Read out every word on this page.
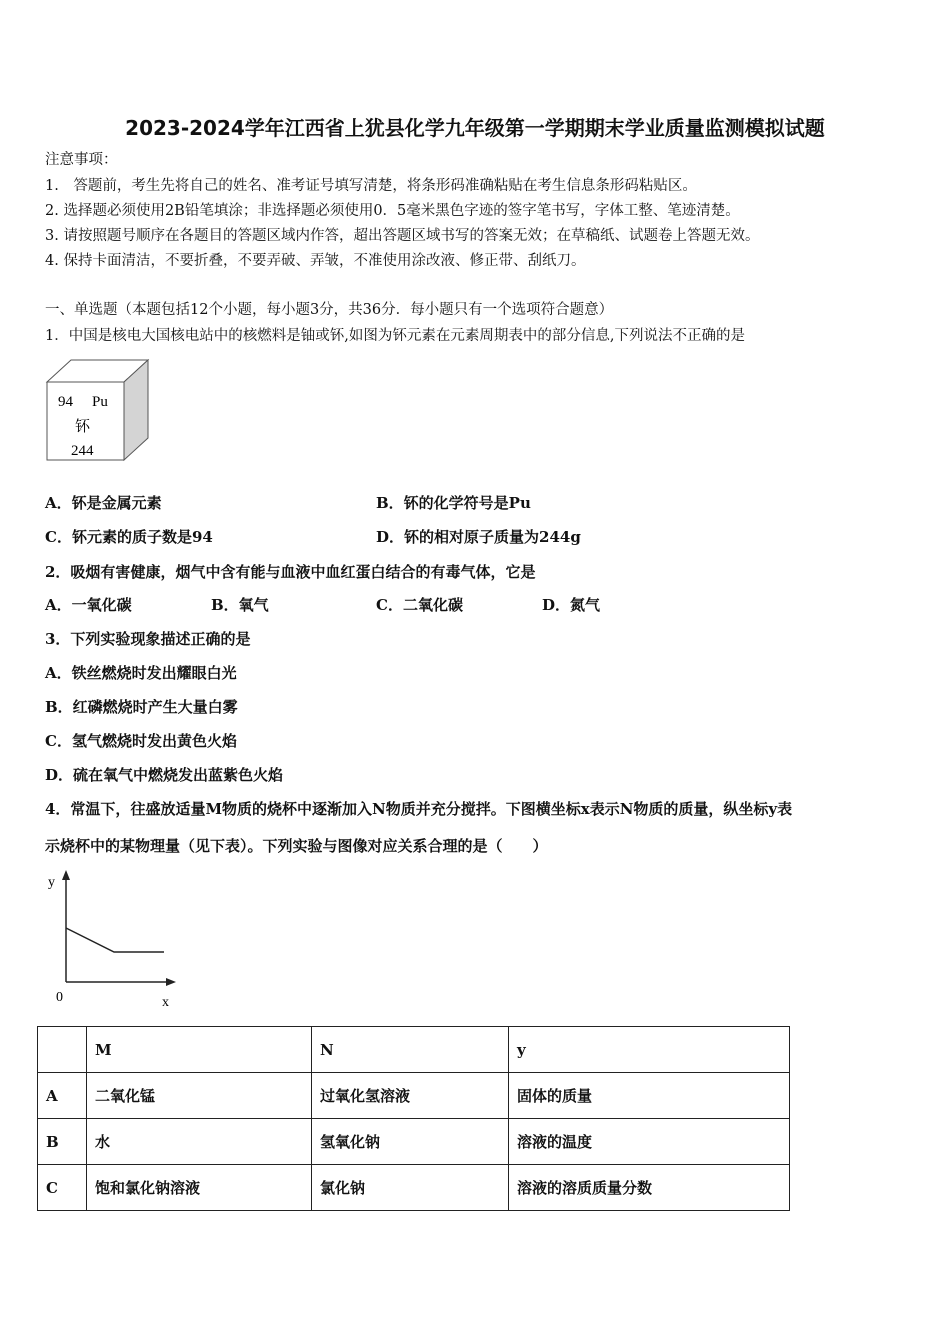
2023-2024学年江西省上犹县化学九年级第一学期期末学业质量监测模拟试题
注意事项：
1.　答题前，考生先将自己的姓名、准考证号填写清楚，将条形码准确粘贴在考生信息条形码粘贴区。
2. 选择题必须使用2B铅笔填涂；非选择题必须使用0．5毫米黑色字迹的签字笔书写，字体工整、笔迹清楚。
3. 请按照题号顺序在各题目的答题区域内作答，超出答题区域书写的答案无效；在草稿纸、试题卷上答题无效。
4. 保持卡面清洁，不要折叠，不要弄破、弄皱，不准使用涂改液、修正带、刮纸刀。
一、单选题（本题包括12个小题，每小题3分，共36分．每小题只有一个选项符合题意）
1．中国是核电大国核电站中的核燃料是铀或钚,如图为钚元素在元素周期表中的部分信息,下列说法不正确的是
94 Pu
钚
244
A．钚是金属元素	B．钚的化学符号是Pu
C．钚元素的质子数是94	D．钚的相对原子质量为244g
2．吸烟有害健康，烟气中含有能与血液中血红蛋白结合的有毒气体，它是
A．一氧化碳	B．氧气	C．二氧化碳	D．氮气
3．下列实验现象描述正确的是
A．铁丝燃烧时发出耀眼白光
B．红磷燃烧时产生大量白雾
C．氢气燃烧时发出黄色火焰
D．硫在氧气中燃烧发出蓝紫色火焰
4．常温下，往盛放适量M物质的烧杯中逐渐加入N物质并充分搅拌。下图横坐标x表示N物质的质量，纵坐标y表
示烧杯中的某物理量（见下表）。下列实验与图像对应关系合理的是（　　）
y
x
0
	M	N	y
A	二氧化锰	过氧化氢溶液	固体的质量
B	水	氢氧化钠	溶液的温度
C	饱和氯化钠溶液	氯化钠	溶液的溶质质量分数
